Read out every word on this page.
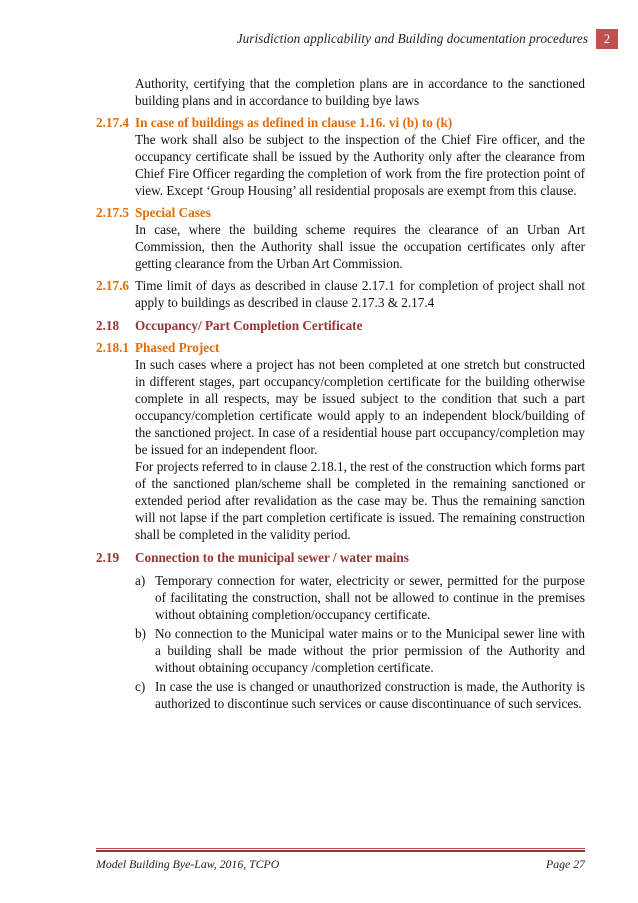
Jurisdiction applicability and Building documentation procedures	2

Authority, certifying that the completion plans are in accordance to the sanctioned building plans and in accordance to building bye laws

2.17.4 In case of buildings as defined in clause 1.16. vi (b) to (k)

The work shall also be subject to the inspection of the Chief Fire officer, and the occupancy certificate shall be issued by the Authority only after the clearance from Chief Fire Officer regarding the completion of work from the fire protection point of view. Except ‘Group Housing’ all residential proposals are exempt from this clause.

2.17.5 Special Cases

In case, where the building scheme requires the clearance of an Urban Art Commission, then the Authority shall issue the occupation certificates only after getting clearance from the Urban Art Commission.

2.17.6 Time limit of days as described in clause 2.17.1 for completion of project shall not apply to buildings as described in clause 2.17.3 & 2.17.4
2.18	Occupancy/ Part Completion Certificate
2.18.1 Phased Project

In such cases where a project has not been completed at one stretch but constructed in different stages, part occupancy/completion certificate for the building otherwise complete in all respects, may be issued subject to the condition that such a part occupancy/completion certificate would apply to an independent block/building of the sanctioned project. In case of a residential house part occupancy/completion may be issued for an independent floor.

For projects referred to in clause 2.18.1, the rest of the construction which forms part of the sanctioned plan/scheme shall be completed in the remaining sanctioned or extended period after revalidation as the case may be. Thus the remaining sanction will not lapse if the part completion certificate is issued. The remaining construction shall be completed in the validity period.

2.19	Connection to the municipal sewer / water mains
a) Temporary connection for water, electricity or sewer, permitted for the purpose of facilitating the construction, shall not be allowed to continue in the premises without obtaining completion/occupancy certificate.
b) No connection to the Municipal water mains or to the Municipal sewer line with a building shall be made without the prior permission of the Authority and without obtaining occupancy /completion certificate.
c) In case the use is changed or unauthorized construction is made, the Authority is authorized to discontinue such services or cause discontinuance of such services.
Model Building Bye-Law, 2016, TCPO	Page 27
